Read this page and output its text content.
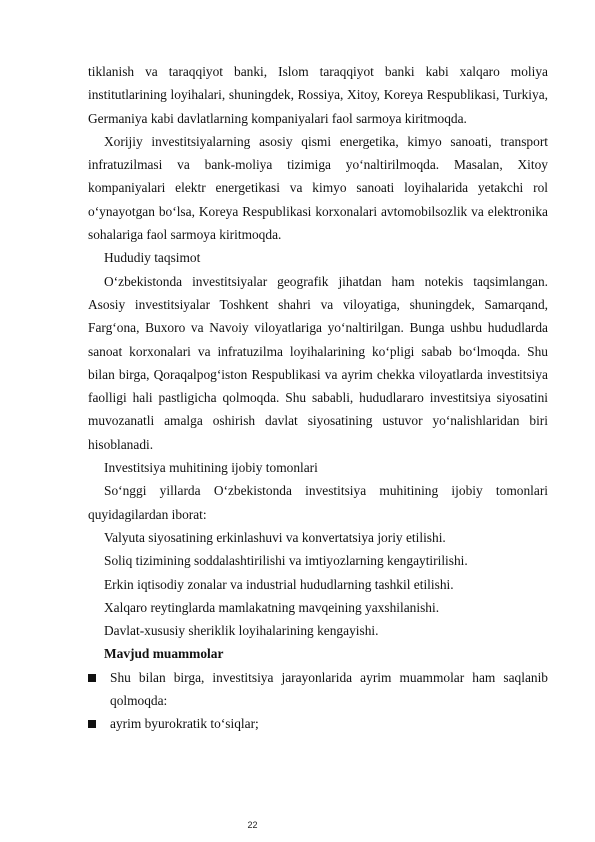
tiklanish va taraqqiyot banki, Islom taraqqiyot banki kabi xalqaro moliya institutlarining loyihalari, shuningdek, Rossiya, Xitoy, Koreya Respublikasi, Turkiya, Germaniya kabi davlatlarning kompaniyalari faol sarmoya kiritmoqda.

Xorijiy investitsiyalarning asosiy qismi energetika, kimyo sanoati, transport infratuzilmasi va bank-moliya tizimiga yo‘naltirilmoqda. Masalan, Xitoy kompaniyalari elektr energetikasi va kimyo sanoati loyihalarida yetakchi rol o‘ynayotgan bo‘lsa, Koreya Respublikasi korxonalari avtomobilsozlik va elektronika sohalariga faol sarmoya kiritmoqda.

Hududiy taqsimot

O‘zbekistonda investitsiyalar geografik jihatdan ham notekis taqsimlangan. Asosiy investitsiyalar Toshkent shahri va viloyatiga, shuningdek, Samarqand, Farg‘ona, Buxoro va Navoiy viloyatlariga yo‘naltirilgan. Bunga ushbu hududlarda sanoat korxonalari va infratuzilma loyihalarining ko‘pligi sabab bo‘lmoqda. Shu bilan birga, Qoraqalpog‘iston Respublikasi va ayrim chekka viloyatlarda investitsiya faolligi hali pastligicha qolmoqda. Shu sababli, hududlararo investitsiya siyosatini muvozanatli amalga oshirish davlat siyosatining ustuvor yo‘nalishlaridan biri hisoblanadi.

Investitsiya muhitining ijobiy tomonlari

So‘nggi yillarda O‘zbekistonda investitsiya muhitining ijobiy tomonlari quyidagilardan iborat:

Valyuta siyosatining erkinlashuvi va konvertatsiya joriy etilishi.

Soliq tizimining soddalashtirilishi va imtiyozlarning kengaytirilishi.

Erkin iqtisodiy zonalar va industrial hududlarning tashkil etilishi.

Xalqaro reytinglarda mamlakatning mavqeining yaxshilanishi.

Davlat-xususiy sheriklik loyihalarining kengayishi.

Mavjud muammolar

Shu bilan birga, investitsiya jarayonlarida ayrim muammolar ham saqlanib qolmoqda:
ayrim byurokratik to‘siqlar;
22
